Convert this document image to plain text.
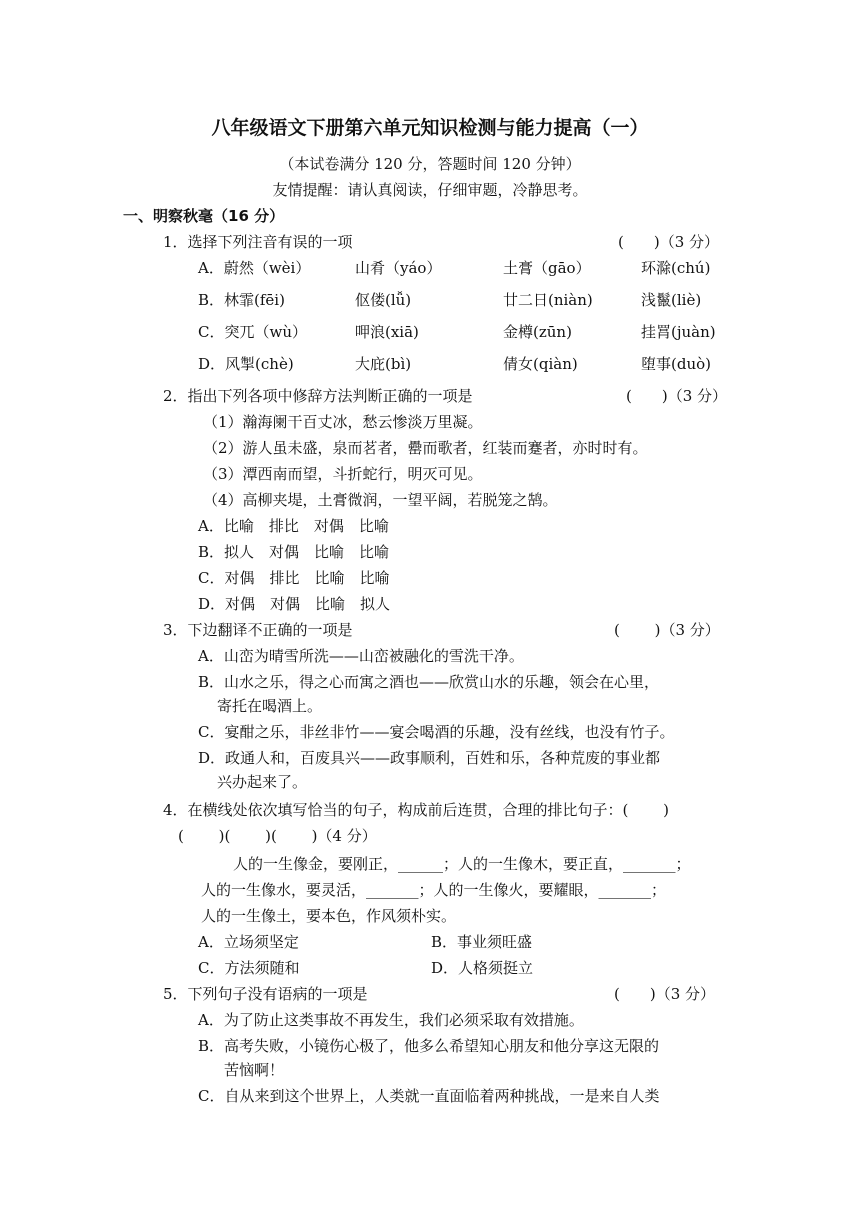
八年级语文下册第六单元知识检测与能力提高（一）
（本试卷满分 120 分，答题时间 120 分钟）
友情提醒：请认真阅读，仔细审题，冷静思考。
一、明察秋毫（16 分）
1．选择下列注音有误的一项	(　　)（3 分）
A．蔚然（wèi）	山肴（yáo）	土膏（gāo）	环滁(chú)
B．林霏(fēi)	伛偻(lǚ)	廿二日(niàn)	浅鬣(liè)
C．突兀（wù）	呷浪(xiā)	金樽(zūn)	挂罥(juàn)
D．风掣(chè)	大庇(bì)	倩女(qiàn)	堕事(duò)
2．指出下列各项中修辞方法判断正确的一项是	(　　)（3 分）
（1）瀚海阑干百丈冰，愁云惨淡万里凝。
（2）游人虽未盛，泉而茗者，罍而歌者，红装而蹇者，亦时时有。
（3）潭西南而望，斗折蛇行，明灭可见。
（4）高柳夹堤，土膏微润，一望平阔，若脱笼之鹄。
A．比喻　排比　对偶　比喻
B．拟人　对偶　比喻　比喻
C．对偶　排比　比喻　比喻
D．对偶　对偶　比喻　拟人
3．下边翻译不正确的一项是	(　　 )（3 分）
A．山峦为晴雪所洗——山峦被融化的雪洗干净。
B．山水之乐，得之心而寓之酒也——欣赏山水的乐趣，领会在心里，
寄托在喝酒上。
C．宴酣之乐，非丝非竹——宴会喝酒的乐趣，没有丝线，也没有竹子。
D．政通人和，百废具兴——政事顺利，百姓和乐，各种荒废的事业都
兴办起来了。
4．在横线处依次填写恰当的句子，构成前后连贯，合理的排比句子：(　　 )
(　　 )(　　 )(　　 )（4 分）
人的一生像金，要刚正，______；人的一生像木，要正直，_______；
人的一生像水，要灵活，_______；人的一生像火，要耀眼，_______；
人的一生像土，要本色，作风须朴实。
A．立场须坚定	B．事业须旺盛
C．方法须随和	D．人格须挺立
5．下列句子没有语病的一项是	(　　)（3 分）
A．为了防止这类事故不再发生，我们必须采取有效措施。
B．高考失败，小镜伤心极了，他多么希望知心朋友和他分享这无限的
苦恼啊！
C．自从来到这个世界上，人类就一直面临着两种挑战，一是来自人类
